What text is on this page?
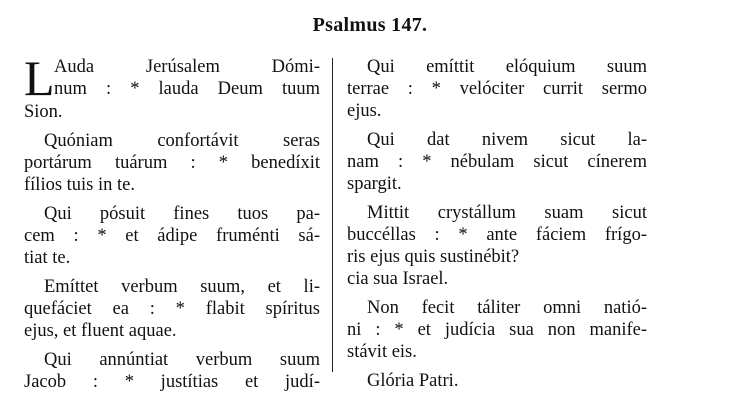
Psalmus 147.
L Auda Jerúsalem Dómi-
num : * lauda Deum tuum
Sion.
Quóniam confortávit seras
portárum tuárum : * benedíxit
fílios tuis in te.
Qui pósuit fines tuos pa-
cem : * et ádipe fruménti sá-
tiat te.
Emíttet verbum suum, et li-
quefáciet ea : * flabit spíritus
ejus, et fluent aquae.
Qui annúntiat verbum suum
Jacob : * justítias et judí-
Qui emíttit elóquium suum
terrae : * velóciter currit sermo
ejus.
Qui dat nivem sicut la-
nam : * nébulam sicut cínerem
spargit.
Mittit crystállum suam sicut
buccéllas : * ante fáciem frígo-
ris ejus quis sustinébit?
cia sua Israel.
Non fecit táliter omni natió-
ni : * et judícia sua non manife-
stávit eis.
Glória Patri.
